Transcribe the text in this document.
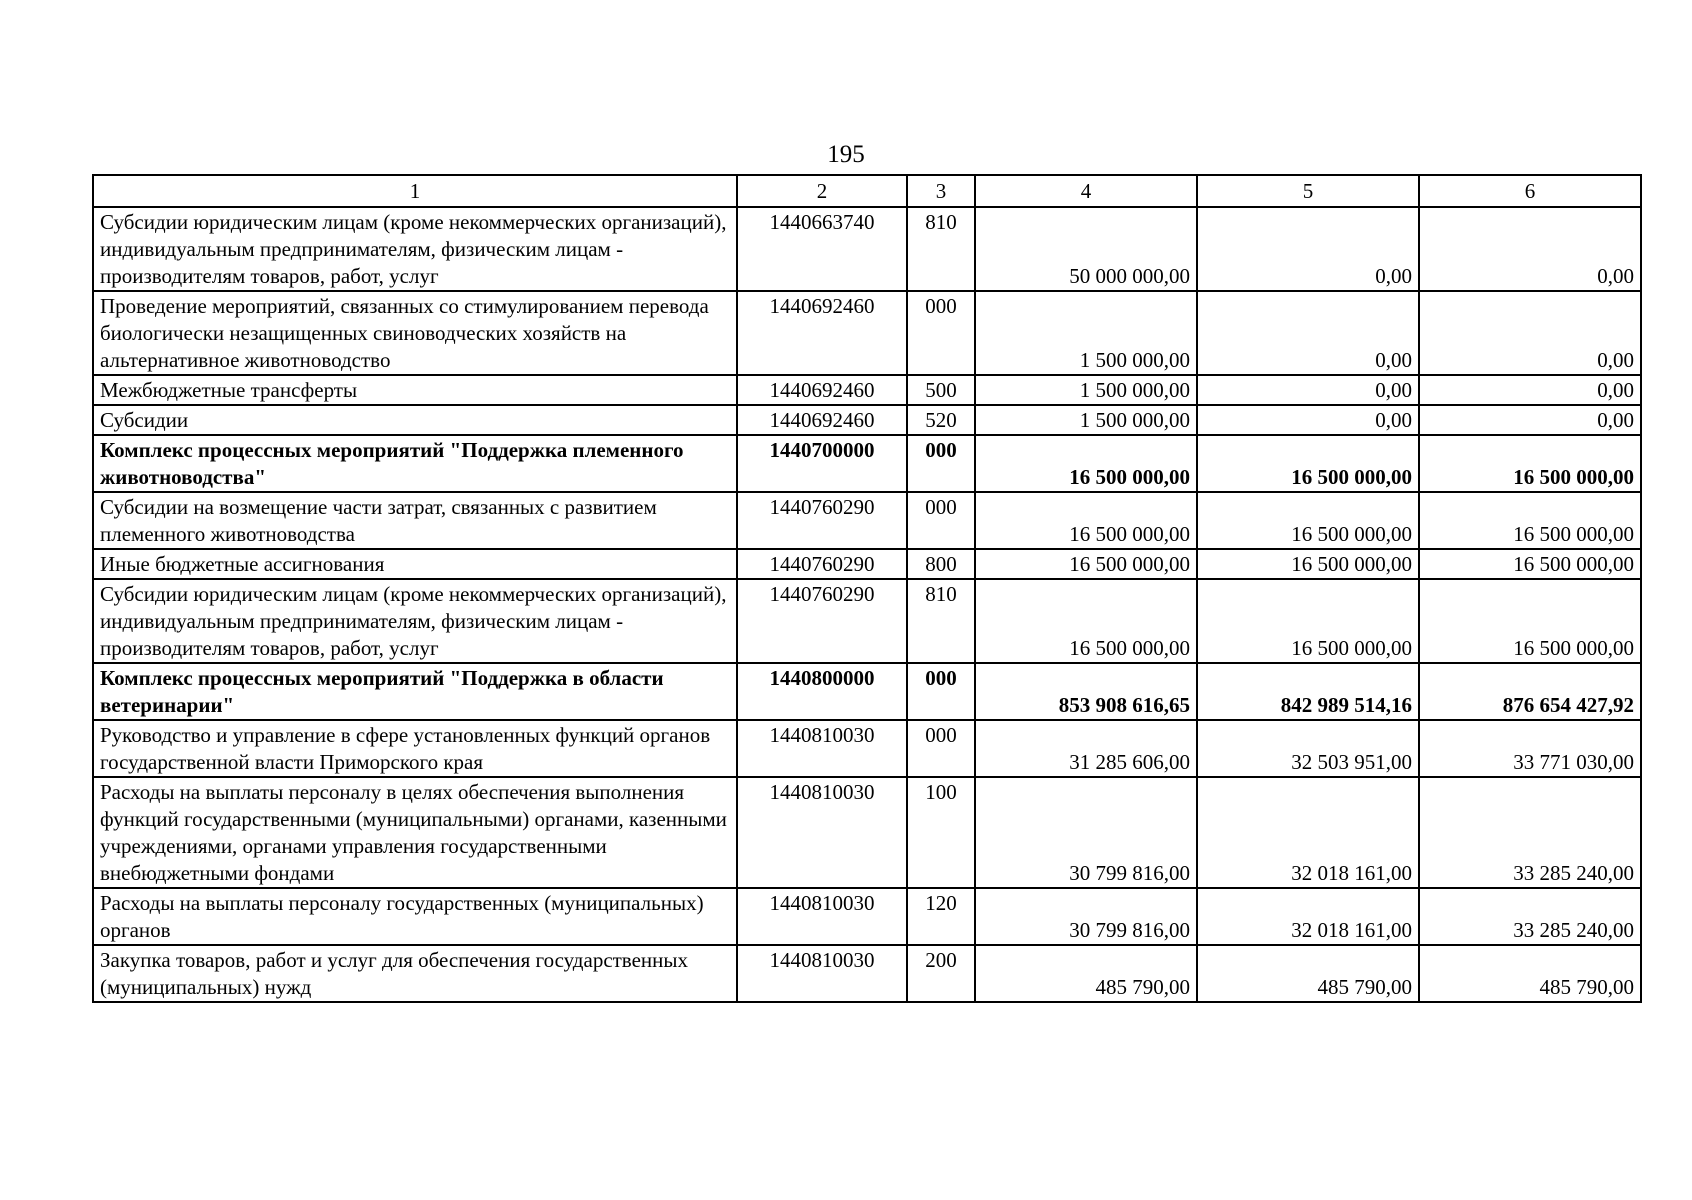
195
1	2	3	4	5	6
Субсидии юридическим лицам (кроме некоммерческих организаций), индивидуальным предпринимателям, физическим лицам - производителям товаров, работ, услуг	1440663740	810	50 000 000,00	0,00	0,00
Проведение мероприятий, связанных со стимулированием перевода биологически незащищенных свиноводческих хозяйств на альтернативное животноводство	1440692460	000	1 500 000,00	0,00	0,00
Межбюджетные трансферты	1440692460	500	1 500 000,00	0,00	0,00
Субсидии	1440692460	520	1 500 000,00	0,00	0,00
Комплекс процессных мероприятий "Поддержка племенного животноводства"	1440700000	000	16 500 000,00	16 500 000,00	16 500 000,00
Субсидии на возмещение части затрат, связанных с развитием племенного животноводства	1440760290	000	16 500 000,00	16 500 000,00	16 500 000,00
Иные бюджетные ассигнования	1440760290	800	16 500 000,00	16 500 000,00	16 500 000,00
Субсидии юридическим лицам (кроме некоммерческих организаций), индивидуальным предпринимателям, физическим лицам - производителям товаров, работ, услуг	1440760290	810	16 500 000,00	16 500 000,00	16 500 000,00
Комплекс процессных мероприятий "Поддержка в области ветеринарии"	1440800000	000	853 908 616,65	842 989 514,16	876 654 427,92
Руководство и управление в сфере установленных функций органов государственной власти Приморского края	1440810030	000	31 285 606,00	32 503 951,00	33 771 030,00
Расходы на выплаты персоналу в целях обеспечения выполнения функций государственными (муниципальными) органами, казенными учреждениями, органами управления государственными внебюджетными фондами	1440810030	100	30 799 816,00	32 018 161,00	33 285 240,00
Расходы на выплаты персоналу государственных (муниципальных) органов	1440810030	120	30 799 816,00	32 018 161,00	33 285 240,00
Закупка товаров, работ и услуг для обеспечения государственных (муниципальных) нужд	1440810030	200	485 790,00	485 790,00	485 790,00
